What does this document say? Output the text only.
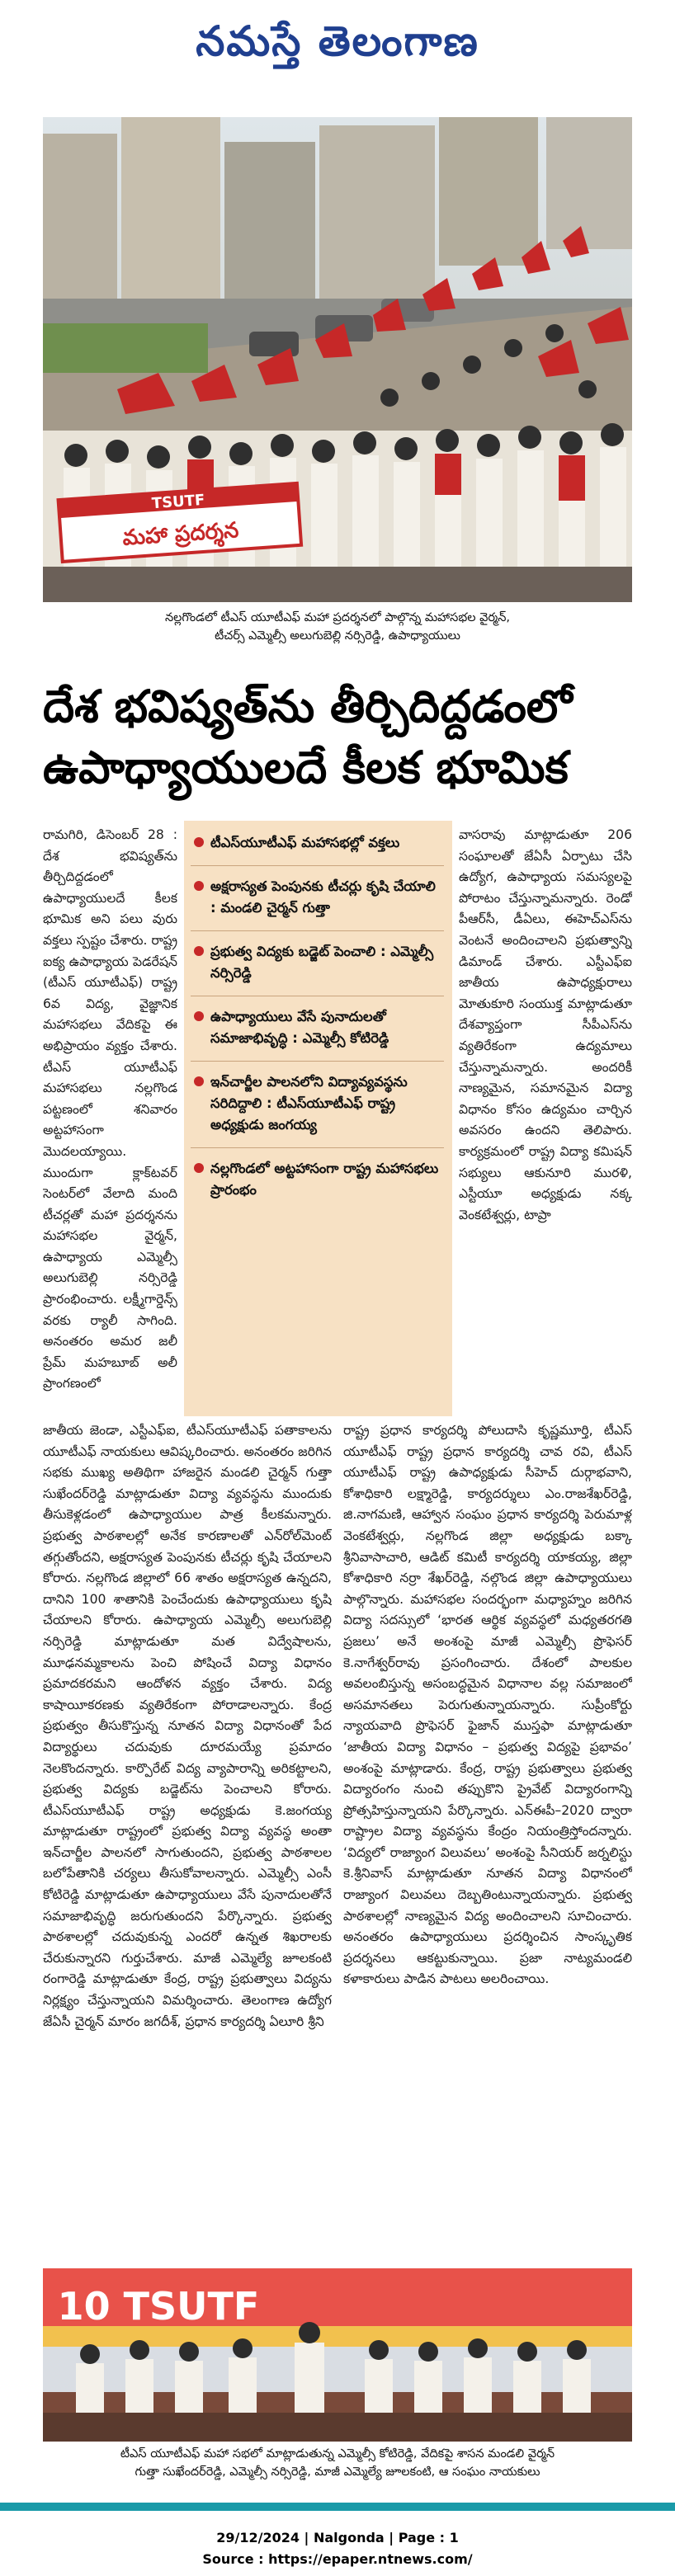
నమస్తే తెలంగాణ
TSUTF
మహా ప్రదర్శన
నల్లగొండలో టీఎస్‌ యూటీఎఫ్‌ మహా ప్రదర్శనలో పాల్గొన్న మహాసభల వైర్మన్‌,
టీచర్స్‌ ఎమ్మెల్సీ అలుగుబెల్లి నర్సిరెడ్డి, ఉపాధ్యాయులు
దేశ భవిష్యత్‌ను తీర్చిదిద్దడంలో
ఉపాధ్యాయులదే కీలక భూమిక

రామగిరి, డిసెంబర్‌ 28 : దేశ భవిష్యత్‌ను తీర్చిదిద్దడంలో ఉపాధ్యాయులదే కీలక భూమిక అని పలు వురు వక్తలు స్పష్టం చేశారు. రాష్ట్ర ఐక్య ఉపాధ్యాయ పెడరేషన్‌ (టీఎస్‌ యూటీఎఫ్‌) రాష్ట్ర 6వ విద్య, వైజ్ఞానిక మహాసభలు వేదికపై ఈ అభిప్రాయం వ్యక్తం చేశారు. టీఎస్‌ యూటీఎఫ్‌ మహాసభలు నల్లగొండ పట్టణంలో శనివారం అట్టహాసంగా మొదలయ్యాయి. ముందుగా క్లాక్‌టవర్‌ సెంటర్‌లో వేలాది మంది టీచర్లతో మహా ప్రదర్శనను మహాసభల వైర్మన్‌, ఉపాధ్యాయ ఎమ్మెల్సీ అలుగుబెల్లి నర్సిరెడ్డి ప్రారంభించారు. లక్ష్మీగార్డెన్స్‌ వరకు ర్యాలీ సాగింది. అనంతరం అమర జలీ ప్రేమ్‌ మహబూబ్‌ అలీ ప్రాంగణంలో

టీఎస్‌యూటీఎఫ్‌ మహాసభల్లో వక్తలు
అక్షరాస్యత పెంపునకు టీచర్లు కృషి చేయాలి : మండలి చైర్మన్‌ గుత్తా
ప్రభుత్వ విద్యకు బడ్జెట్‌ పెంచాలి : ఎమ్మెల్సీ నర్సిరెడ్డి
ఉపాధ్యాయులు వేసే పునాదులతో సమాజాభివృద్ధి : ఎమ్మెల్సీ కోటిరెడ్డి
ఇన్‌చార్జీల పాలనలోని విద్యావ్యవస్థను సరిదిద్దాలి : టీఎస్‌యూటీఎఫ్‌ రాష్ట్ర అధ్యక్షుడు జంగయ్య
నల్లగొండలో అట్టహాసంగా రాష్ట్ర మహాసభలు ప్రారంభం

వాసరావు మాట్లాడుతూ 206 సంఘాలతో జేఏసీ ఏర్పాటు చేసి ఉద్యోగ, ఉపాధ్యాయ సమస్యలపై పోరాటం చేస్తున్నామన్నారు. రెండో పీఆర్‌సీ, డీఏలు, ఈహెచ్‌ఎస్‌ను వెంటనే అందించాలని ప్రభుత్వాన్ని డిమాండ్‌ చేశారు. ఎస్టీఎఫ్‌ఐ జాతీయ ఉపాధ్యక్షురాలు మోతుకూరి సంయుక్త మాట్లాడుతూ దేశవ్యాప్తంగా సీపీఎస్‌ను వ్యతిరేకంగా ఉద్యమాలు చేస్తున్నామన్నారు. అందరికీ నాణ్యమైన, సమానమైన విద్యా విధానం కోసం ఉద్యమం చార్చిన అవసరం ఉందని తెలిపారు. కార్యక్రమంలో రాష్ట్ర విద్యా కమిషన్‌ సభ్యులు ఆకునూరి మురళి, ఎస్టీయూ అధ్యక్షుడు నక్క వెంకటేశ్వర్లు, టాప్రా

జాతీయ జెండా, ఎస్టీఎఫ్‌ఐ, టీఎస్‌యూటీఎఫ్‌ పతాకాలను యూటీఎఫ్‌ నాయకులు ఆవిష్కరించారు. అనంతరం జరిగిన సభకు ముఖ్య అతిథిగా హాజరైన మండలి చైర్మన్‌ గుత్తా సుఖేందర్‌రెడ్డి మాట్లాడుతూ విద్యా వ్యవస్థను ముందుకు తీసుకెళ్లడంలో ఉపాధ్యాయుల పాత్ర కీలకమన్నారు. ప్రభుత్వ పాఠశాలల్లో అనేక కారణాలతో ఎన్‌రోల్‌మెంట్‌ తగ్గుతోందని, అక్షరాస్యత పెంపునకు టీచర్లు కృషి చేయాలని కోరారు. నల్లగొండ జిల్లాలో 66 శాతం అక్షరాస్యత ఉన్నదని, దానిని 100 శాతానికి పెంచేందుకు ఉపాధ్యాయులు కృషి చేయాలని కోరారు. ఉపాధ్యాయ ఎమ్మెల్సీ అలుగుబెల్లి నర్సిరెడ్డి మాట్లాడుతూ మత విద్వేషాలను, మూఢనమ్మకాలను పెంచి పోషించే విద్యా విధానం ప్రమాదకరమని ఆందోళన వ్యక్తం చేశారు. విద్య కాషాయీకరణకు వ్యతిరేకంగా పోరాడాలన్నారు. కేంద్ర ప్రభుత్వం తీసుకొస్తున్న నూతన విద్యా విధానంతో పేద విద్యార్థులు చదువుకు దూరమయ్యే ప్రమాదం నెలకొందన్నారు. కార్పొరేట్‌ విద్య వ్యాపారాన్ని అరికట్టాలని, ప్రభుత్వ విద్యకు బడ్జెట్‌ను పెంచాలని కోరారు. టీఎస్‌యూటీఎఫ్‌ రాష్ట్ర అధ్యక్షుడు కె.జంగయ్య మాట్లాడుతూ రాష్ట్రంలో ప్రభుత్వ విద్యా వ్యవస్థ అంతా ఇన్‌చార్జీల పాలనలో సాగుతుందని, ప్రభుత్వ పాఠశాలల బలోపేతానికి చర్యలు తీసుకోవాలన్నారు. ఎమ్మెల్సీ ఎంసీ కోటిరెడ్డి మాట్లాడుతూ ఉపాధ్యాయులు వేసే పునాదులతోనే సమాజాభివృద్ధి జరుగుతుందని పేర్కొన్నారు. ప్రభుత్వ పాఠశాలల్లో చదువుకున్న ఎందరో ఉన్నత శిఖరాలకు చేరుకున్నారని గుర్తుచేశారు. మాజీ ఎమ్మెల్యే జూలకంటి రంగారెడ్డి మాట్లాడుతూ కేంద్ర, రాష్ట్ర ప్రభుత్వాలు విద్యను నిర్లక్ష్యం చేస్తున్నాయని విమర్శించారు. తెలంగాణ ఉద్యోగ జేఏసీ చైర్మన్‌ మారం జగదీశ్‌, ప్రధాన కార్యదర్శి ఏలూరి శ్రీని

రాష్ట్ర ప్రధాన కార్యదర్శి పోలుదాసి కృష్ణమూర్తి, టీఎస్‌ యూటీఎఫ్‌ రాష్ట్ర ప్రధాన కార్యదర్శి చావ రవి, టీఎస్‌ యూటీఎఫ్‌ రాష్ట్ర ఉపాధ్యక్షుడు సీహెచ్‌ దుర్గాభవాని, కోశాధికారి లక్ష్మారెడ్డి, కార్యదర్శులు ఎం.రాజశేఖర్‌రెడ్డి, జి.నాగమణి, ఆహ్వాన సంఘం ప్రధాన కార్యదర్శి పెరుమాళ్ల వెంకటేశ్వర్లు, నల్లగొండ జిల్లా అధ్యక్షుడు బక్కా శ్రీనివాసాచారి, ఆడిట్‌ కమిటీ కార్యదర్శి యాకయ్య, జిల్లా కోశాధికారి నర్రా శేఖర్‌రెడ్డి, నల్గొండ జిల్లా ఉపాధ్యాయులు పాల్గొన్నారు. మహాసభల సందర్భంగా మధ్యాహ్నం జరిగిన విద్యా సదస్సులో ‘భారత ఆర్థిక వ్యవస్థలో మధ్యతరగతి ప్రజలు’ అనే అంశంపై మాజీ ఎమ్మెల్సీ ప్రొఫెసర్‌ కె.నాగేశ్వర్‌రావు ప్రసంగించారు. దేశంలో పాలకుల అవలంబిస్తున్న అసంబద్ధమైన విధానాల వల్ల సమాజంలో అసమానతలు పెరుగుతున్నాయన్నారు. సుప్రీంకోర్టు న్యాయవాది ప్రొఫెసర్‌ ఫైజాన్‌ ముస్తఫా మాట్లాడుతూ ‘జాతీయ విద్యా విధానం – ప్రభుత్వ విద్యపై ప్రభావం’ అంశంపై మాట్లాడారు. కేంద్ర, రాష్ట్ర ప్రభుత్వాలు ప్రభుత్వ విద్యారంగం నుంచి తప్పుకొని ప్రైవేట్‌ విద్యారంగాన్ని ప్రోత్సహిస్తున్నాయని పేర్కొన్నారు. ఎన్‌ఈపీ–2020 ద్వారా రాష్ట్రాల విద్యా వ్యవస్థను కేంద్రం నియంత్రిస్తోందన్నారు. ‘విద్యలో రాజ్యాంగ విలువలు’ అంశంపై సీనియర్‌ జర్నలిస్టు కె.శ్రీనివాస్‌ మాట్లాడుతూ నూతన విద్యా విధానంలో రాజ్యాంగ విలువలు దెబ్బతింటున్నాయన్నారు. ప్రభుత్వ పాఠశాలల్లో నాణ్యమైన విద్య అందించాలని సూచించారు. అనంతరం ఉపాధ్యాయులు ప్రదర్శించిన సాంస్కృతిక ప్రదర్శనలు ఆకట్టుకున్నాయి. ప్రజా నాట్యమండలి కళాకారులు పాడిన పాటలు అలరించాయి.

10 TSUTF
టీఎస్‌ యూటీఎఫ్‌ మహా సభలో మాట్లాడుతున్న ఎమ్మెల్సీ కోటిరెడ్డి, వేదికపై శాసన మండలి వైర్మన్‌
గుత్తా సుఖేందర్‌రెడ్డి, ఎమ్మెల్సీ నర్సిరెడ్డి, మాజీ ఎమ్మెల్యే జూలకంటి, ఆ సంఘం నాయకులు
29/12/2024 | Nalgonda | Page : 1
Source : https://epaper.ntnews.com/
